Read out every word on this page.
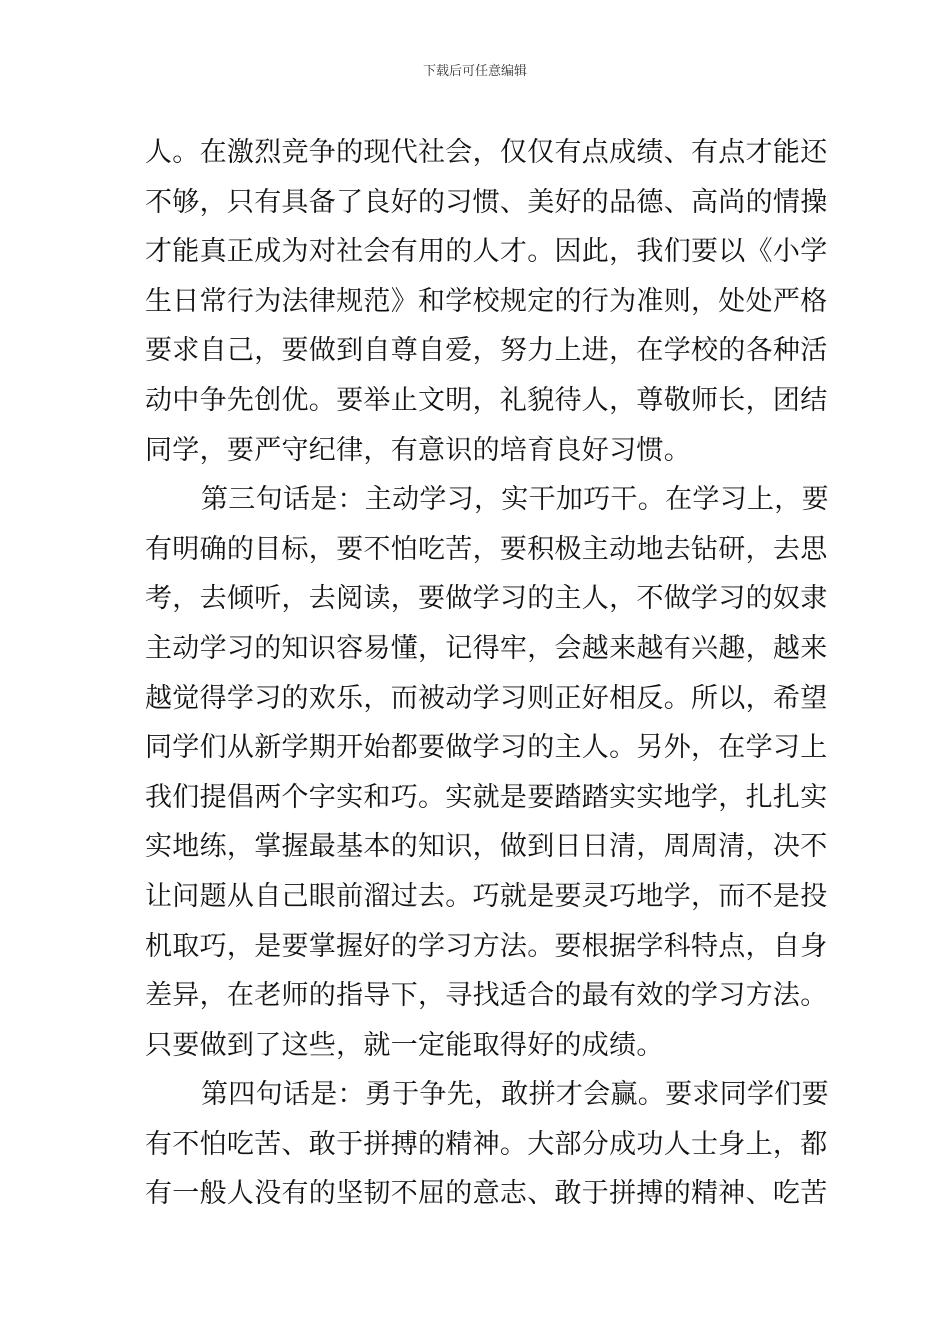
下载后可任意编辑
人。在激烈竞争的现代社会，仅仅有点成绩、有点才能还
不够，只有具备了良好的习惯、美好的品德、高尚的情操
才能真正成为对社会有用的人才。因此，我们要以《小学
生日常行为法律规范》和学校规定的行为准则，处处严格
要求自己，要做到自尊自爱，努力上进，在学校的各种活
动中争先创优。要举止文明，礼貌待人，尊敬师长，团结
同学，要严守纪律，有意识的培育良好习惯。
第三句话是：主动学习，实干加巧干。在学习上，要
有明确的目标，要不怕吃苦，要积极主动地去钻研，去思
考，去倾听，去阅读，要做学习的主人，不做学习的奴隶
主动学习的知识容易懂，记得牢，会越来越有兴趣，越来
越觉得学习的欢乐，而被动学习则正好相反。所以，希望
同学们从新学期开始都要做学习的主人。另外，在学习上
我们提倡两个字实和巧。实就是要踏踏实实地学，扎扎实
实地练，掌握最基本的知识，做到日日清，周周清，决不
让问题从自己眼前溜过去。巧就是要灵巧地学，而不是投
机取巧，是要掌握好的学习方法。要根据学科特点，自身
差异，在老师的指导下，寻找适合的最有效的学习方法。
只要做到了这些，就一定能取得好的成绩。
第四句话是：勇于争先，敢拼才会赢。要求同学们要
有不怕吃苦、敢于拼搏的精神。大部分成功人士身上，都
有一般人没有的坚韧不屈的意志、敢于拼搏的精神、吃苦
